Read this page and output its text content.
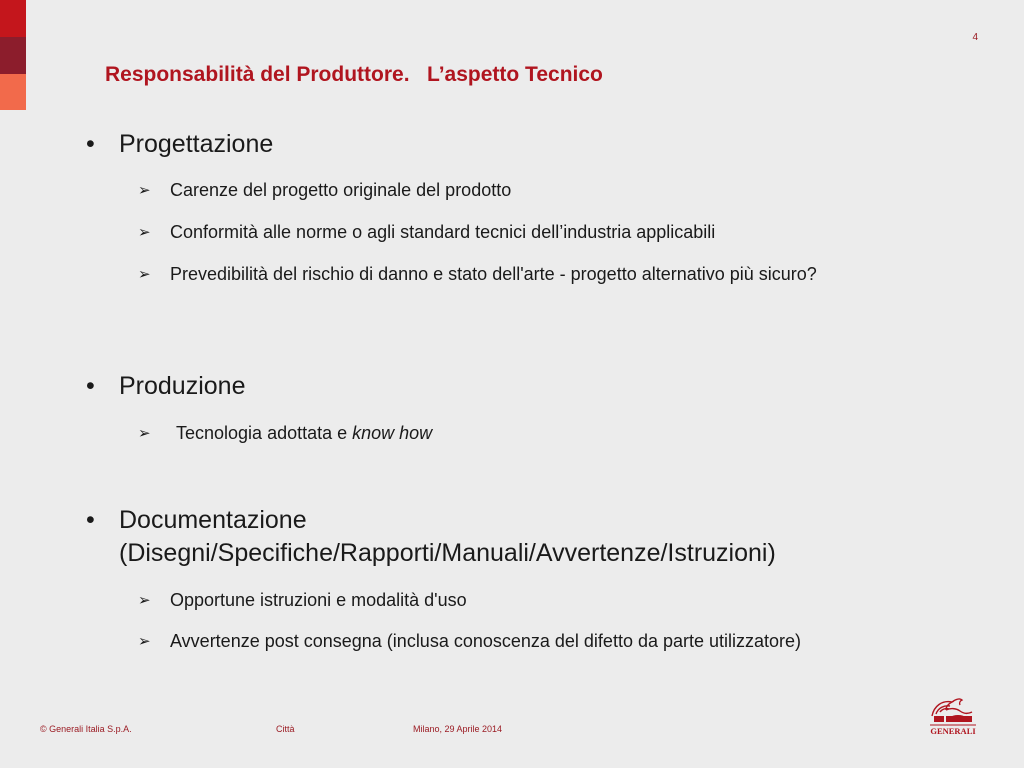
4
Responsabilità del Produttore.   L’aspetto Tecnico
• Progettazione
➢ Carenze del progetto originale del prodotto
➢ Conformità alle norme o agli standard tecnici dell’industria applicabili
➢ Prevedibilità del rischio di danno e stato dell'arte - progetto alternativo più sicuro?
• Produzione
➢ Tecnologia adottata e know how
• Documentazione
(Disegni/Specifiche/Rapporti/Manuali/Avvertenze/Istruzioni)
➢ Opportune istruzioni e modalità d'uso
➢ Avvertenze post consegna (inclusa conoscenza del difetto da parte utilizzatore)
© Generali Italia S.p.A.	Città	Milano, 29 Aprile 2014	GENERALI
